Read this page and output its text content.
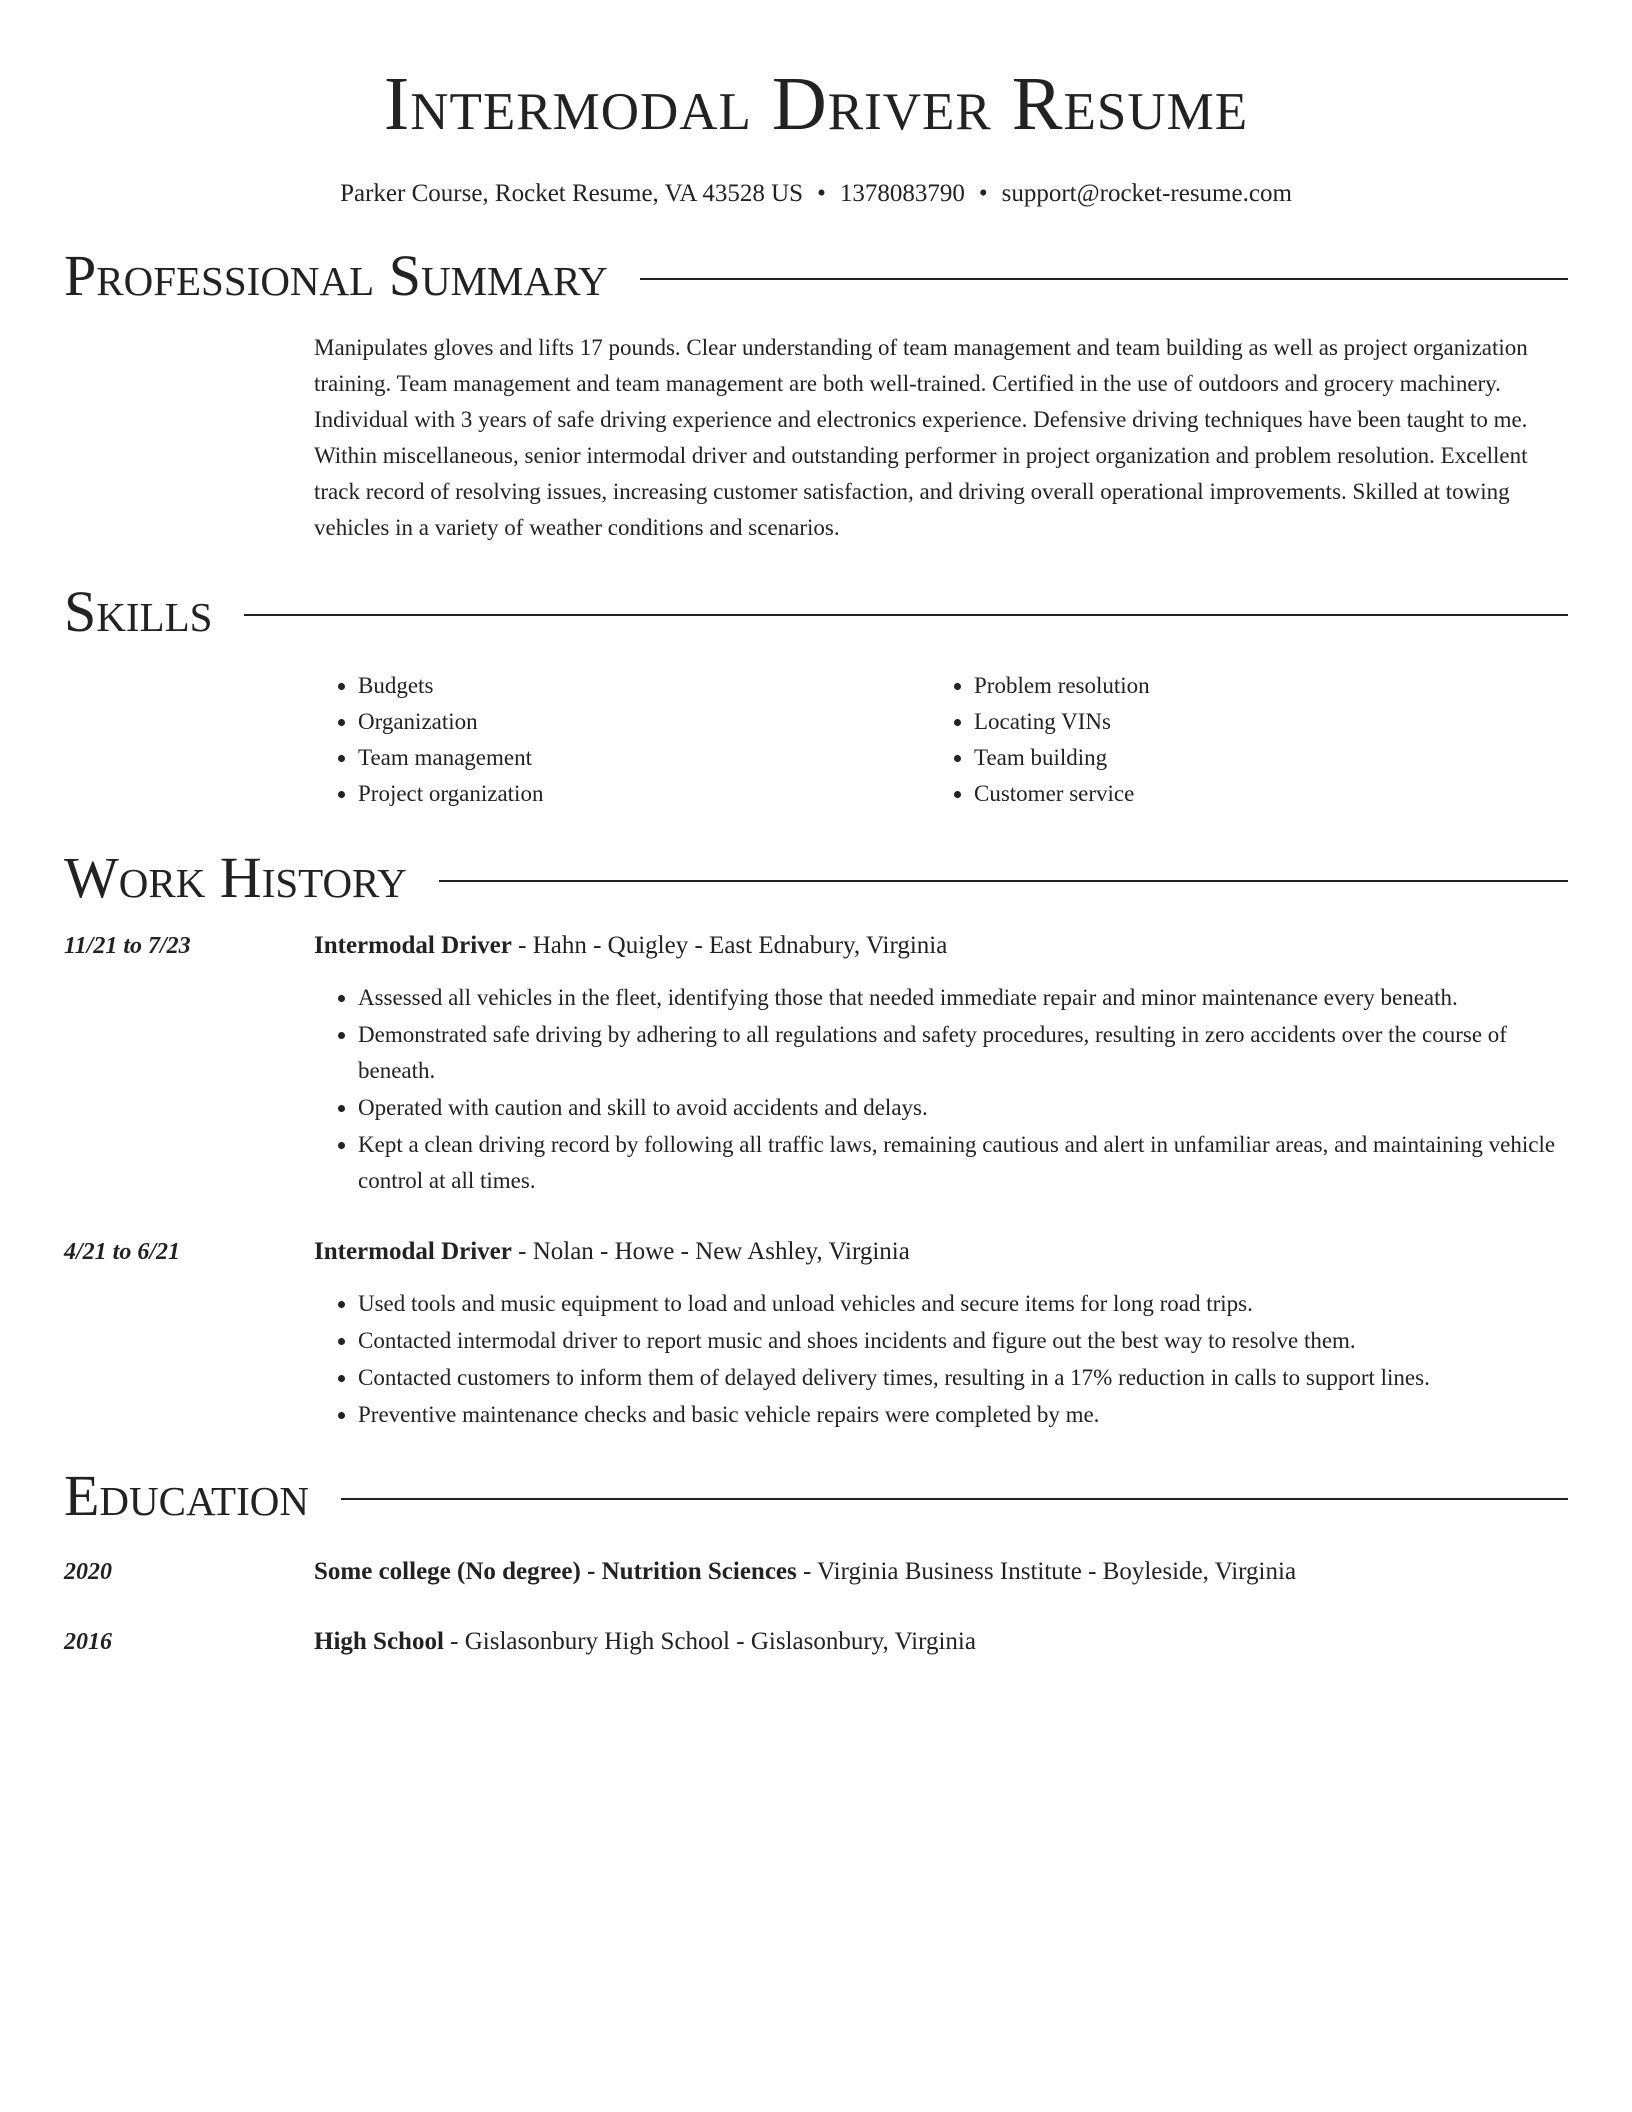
Intermodal Driver Resume
Parker Course, Rocket Resume, VA 43528 US • 1378083790 • support@rocket-resume.com
Professional Summary
Manipulates gloves and lifts 17 pounds. Clear understanding of team management and team building as well as project organization training. Team management and team management are both well-trained. Certified in the use of outdoors and grocery machinery. Individual with 3 years of safe driving experience and electronics experience. Defensive driving techniques have been taught to me. Within miscellaneous, senior intermodal driver and outstanding performer in project organization and problem resolution. Excellent track record of resolving issues, increasing customer satisfaction, and driving overall operational improvements. Skilled at towing vehicles in a variety of weather conditions and scenarios.
Skills
• Budgets
• Organization
• Team management
• Project organization
• Problem resolution
• Locating VINs
• Team building
• Customer service
Work History
11/21 to 7/23	Intermodal Driver - Hahn - Quigley - East Ednabury, Virginia
• Assessed all vehicles in the fleet, identifying those that needed immediate repair and minor maintenance every beneath.
• Demonstrated safe driving by adhering to all regulations and safety procedures, resulting in zero accidents over the course of beneath.
• Operated with caution and skill to avoid accidents and delays.
• Kept a clean driving record by following all traffic laws, remaining cautious and alert in unfamiliar areas, and maintaining vehicle control at all times.
4/21 to 6/21	Intermodal Driver - Nolan - Howe - New Ashley, Virginia
• Used tools and music equipment to load and unload vehicles and secure items for long road trips.
• Contacted intermodal driver to report music and shoes incidents and figure out the best way to resolve them.
• Contacted customers to inform them of delayed delivery times, resulting in a 17% reduction in calls to support lines.
• Preventive maintenance checks and basic vehicle repairs were completed by me.
Education
2020	Some college (No degree) - Nutrition Sciences - Virginia Business Institute - Boyleside, Virginia
2016	High School - Gislasonbury High School - Gislasonbury, Virginia
